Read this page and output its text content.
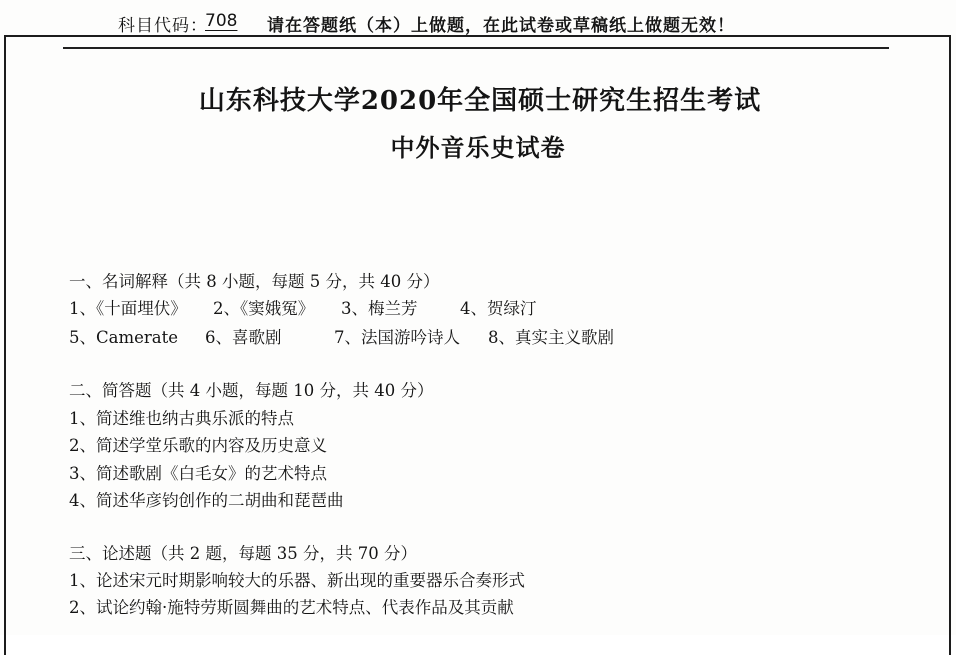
科目代码：
708 请在答题纸（本）上做题，在此试卷或草稿纸上做题无效！
山东科技大学2020年全国硕士研究生招生考试
中外音乐史试卷
一、名词解释（共 8 小题，每题 5 分，共 40 分）
1、《十面埋伏》 2、《窦娥冤》 3、梅兰芳	4、贺绿汀
5、Camerate 6、喜歌剧	7、法国游吟诗人 8、真实主义歌剧
二、简答题（共 4 小题，每题 10 分，共 40 分）
1、简述维也纳古典乐派的特点
2、简述学堂乐歌的内容及历史意义
3、简述歌剧《白毛女》的艺术特点
4、简述华彦钧创作的二胡曲和琵琶曲
三、论述题（共 2 题，每题 35 分，共 70 分）
1、论述宋元时期影响较大的乐器、新出现的重要器乐合奏形式
2、试论约翰·施特劳斯圆舞曲的艺术特点、代表作品及其贡献
